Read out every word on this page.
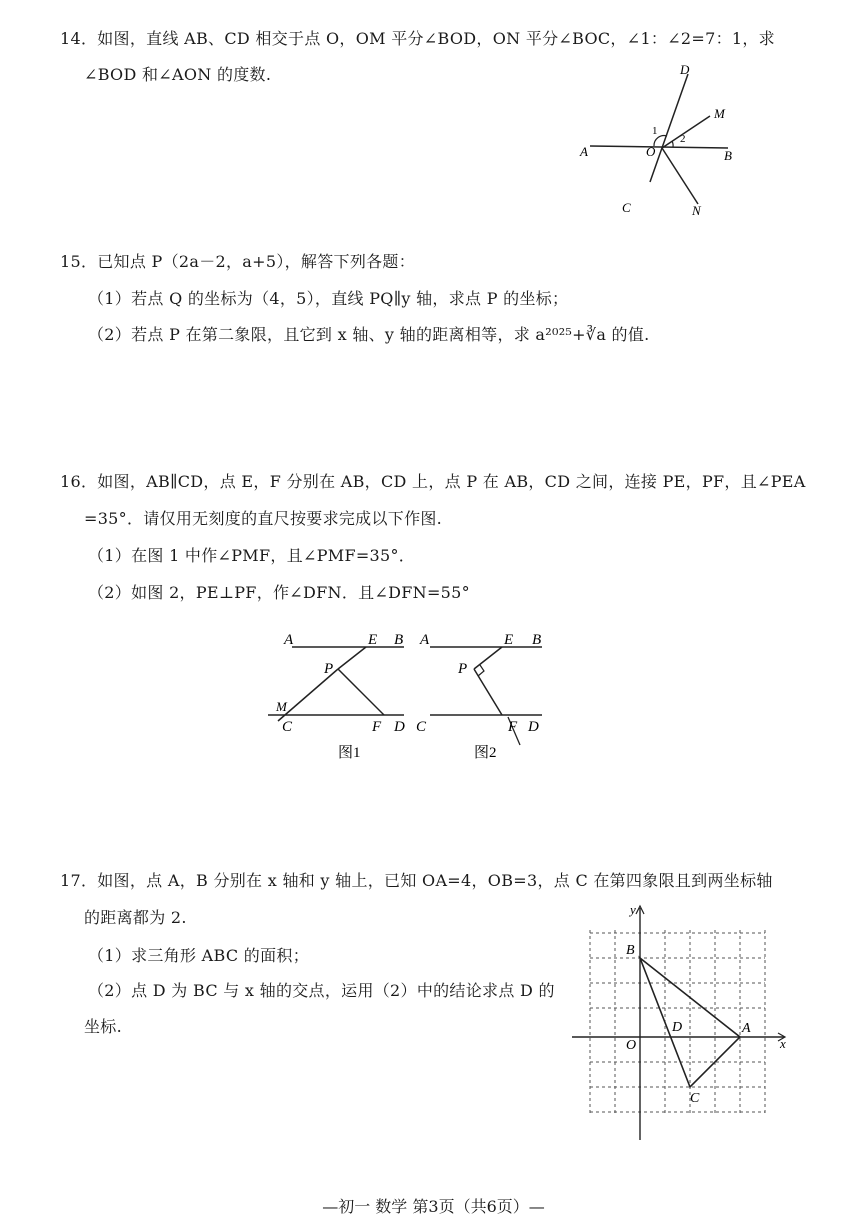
14．如图，直线 AB、CD 相交于点 O，OM 平分∠BOD，ON 平分∠BOC，∠1：∠2=7：1，求
∠BOD 和∠AON 的度数.	D
M
A	O	B
1
2
C	N
15．已知点 P（2a－2，a+5），解答下列各题：
（1）若点 Q 的坐标为（4，5），直线 PQ∥y 轴，求点 P 的坐标；
（2）若点 P 在第二象限，且它到 x 轴、y 轴的距离相等，求 a²⁰²⁵+∛a 的值.
16．如图，AB∥CD，点 E，F 分别在 AB，CD 上，点 P 在 AB，CD 之间，连接 PE，PF，且∠PEA
=35°．请仅用无刻度的直尺按要求完成以下作图.
（1）在图 1 中作∠PMF，且∠PMF=35°．
（2）如图 2，PE⊥PF，作∠DFN．且∠DFN=55°
A	E B
P
M
C	F D
图1
A	E B
P
C	F D
图2
17．如图，点 A，B 分别在 x 轴和 y 轴上，已知 OA=4，OB=3，点 C 在第四象限且到两坐标轴
的距离都为 2.
（1）求三角形 ABC 的面积；
（2）点 D 为 BC 与 x 轴的交点，运用（2）中的结论求点 D 的
坐标.
y
B
D	A
x
O
C
—初一 数学 第3页（共6页）—
